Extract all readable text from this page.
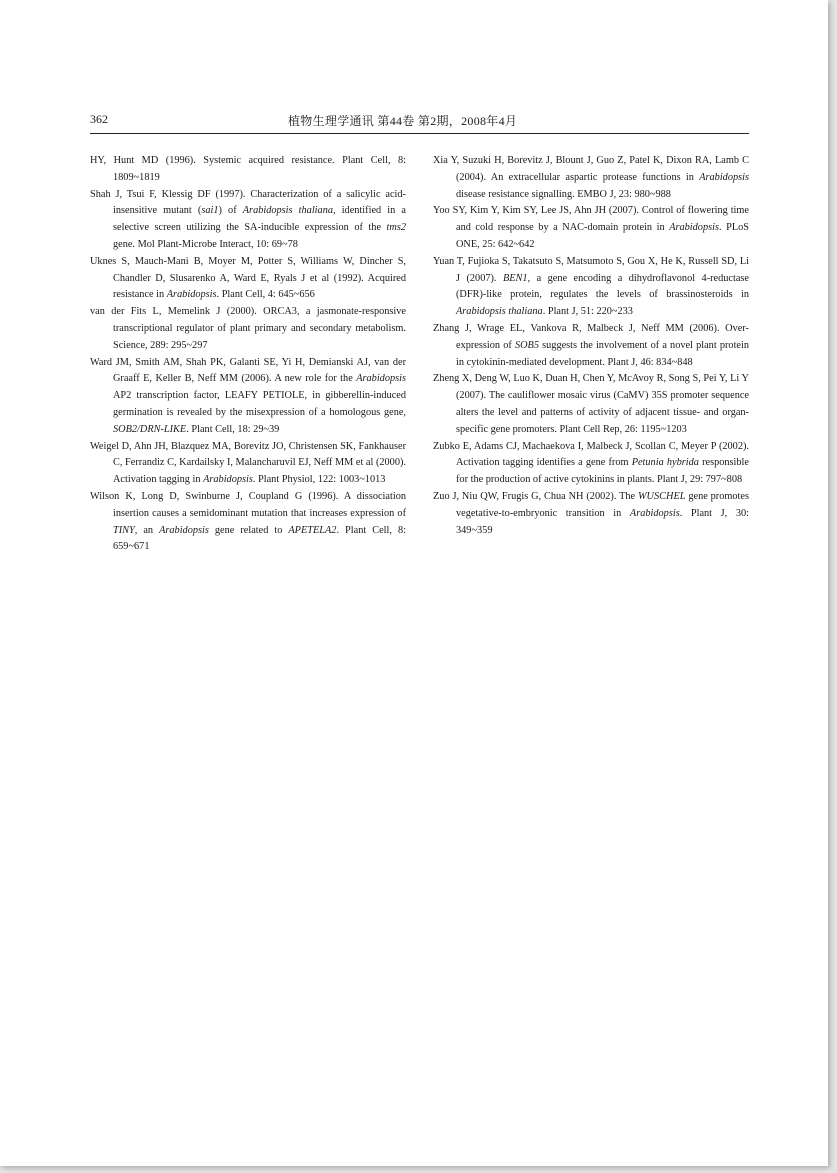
362	植物生理学通讯 第44卷 第2期，2008年4月

HY, Hunt MD (1996). Systemic acquired resistance. Plant Cell, 8: 1809~1819

Shah J, Tsui F, Klessig DF (1997). Characterization of a salicylic acid-insensitive mutant (sai1) of Arabidopsis thaliana, identified in a selective screen utilizing the SA-inducible expression of the tms2 gene. Mol Plant-Microbe Interact, 10: 69~78

Uknes S, Mauch-Mani B, Moyer M, Potter S, Williams W, Dincher S, Chandler D, Slusarenko A, Ward E, Ryals J et al (1992). Acquired resistance in Arabidopsis. Plant Cell, 4: 645~656

van der Fits L, Memelink J (2000). ORCA3, a jasmonate-responsive transcriptional regulator of plant primary and secondary metabolism. Science, 289: 295~297

Ward JM, Smith AM, Shah PK, Galanti SE, Yi H, Demianski AJ, van der Graaff E, Keller B, Neff MM (2006). A new role for the Arabidopsis AP2 transcription factor, LEAFY PETIOLE, in gibberellin-induced germination is revealed by the misexpression of a homologous gene, SOB2/DRN-LIKE. Plant Cell, 18: 29~39

Weigel D, Ahn JH, Blazquez MA, Borevitz JO, Christensen SK, Fankhauser C, Ferrandiz C, Kardailsky I, Malancharuvil EJ, Neff MM et al (2000). Activation tagging in Arabidopsis. Plant Physiol, 122: 1003~1013

Wilson K, Long D, Swinburne J, Coupland G (1996). A dissociation insertion causes a semidominant mutation that increases expression of TINY, an Arabidopsis gene related to APETELA2. Plant Cell, 8: 659~671

Xia Y, Suzuki H, Borevitz J, Blount J, Guo Z, Patel K, Dixon RA, Lamb C (2004). An extracellular aspartic protease functions in Arabidopsis disease resistance signalling. EMBO J, 23: 980~988

Yoo SY, Kim Y, Kim SY, Lee JS, Ahn JH (2007). Control of flowering time and cold response by a NAC-domain protein in Arabidopsis. PLoS ONE, 25: 642~642

Yuan T, Fujioka S, Takatsuto S, Matsumoto S, Gou X, He K, Russell SD, Li J (2007). BEN1, a gene encoding a dihydroflavonol 4-reductase (DFR)-like protein, regulates the levels of brassinosteroids in Arabidopsis thaliana. Plant J, 51: 220~233

Zhang J, Wrage EL, Vankova R, Malbeck J, Neff MM (2006). Over-expression of SOB5 suggests the involvement of a novel plant protein in cytokinin-mediated development. Plant J, 46: 834~848

Zheng X, Deng W, Luo K, Duan H, Chen Y, McAvoy R, Song S, Pei Y, Li Y (2007). The cauliflower mosaic virus (CaMV) 35S promoter sequence alters the level and patterns of activity of adjacent tissue- and organ-specific gene promoters. Plant Cell Rep, 26: 1195~1203

Zubko E, Adams CJ, Machaekova I, Malbeck J, Scollan C, Meyer P (2002). Activation tagging identifies a gene from Petunia hybrida responsible for the production of active cytokinins in plants. Plant J, 29: 797~808

Zuo J, Niu QW, Frugis G, Chua NH (2002). The WUSCHEL gene promotes vegetative-to-embryonic transition in Arabidopsis. Plant J, 30: 349~359
